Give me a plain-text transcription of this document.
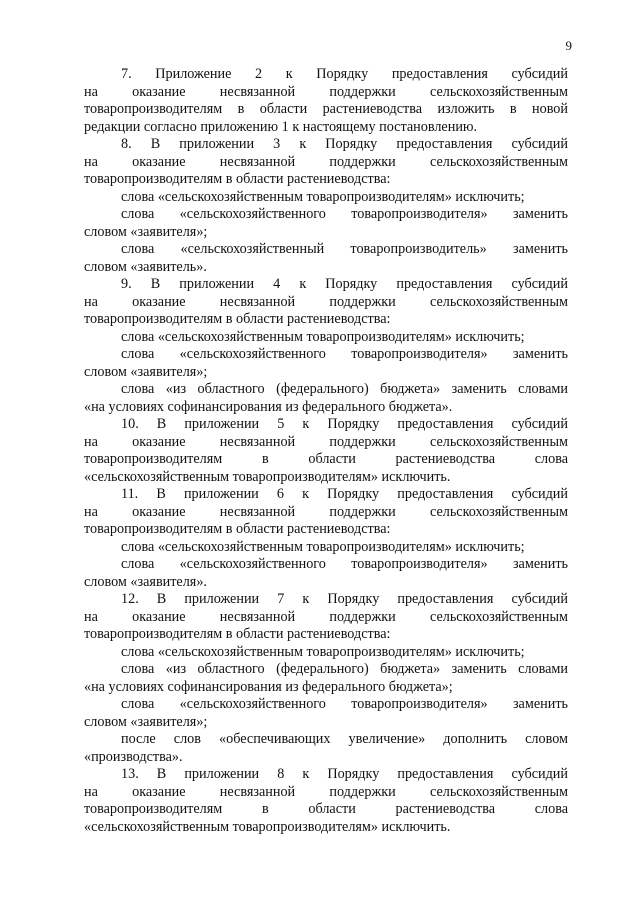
9
7. Приложение 2 к Порядку предоставления субсидий
на оказание несвязанной поддержки сельскохозяйственным
товаропроизводителям в области растениеводства изложить в новой
редакции согласно приложению 1 к настоящему постановлению.
8. В приложении 3 к Порядку предоставления субсидий
на оказание несвязанной поддержки сельскохозяйственным
товаропроизводителям в области растениеводства:
слова «сельскохозяйственным товаропроизводителям» исключить;
слова «сельскохозяйственного товаропроизводителя» заменить
словом «заявителя»;
слова «сельскохозяйственный товаропроизводитель» заменить
словом «заявитель».
9. В приложении 4 к Порядку предоставления субсидий
на оказание несвязанной поддержки сельскохозяйственным
товаропроизводителям в области растениеводства:
слова «сельскохозяйственным товаропроизводителям» исключить;
слова «сельскохозяйственного товаропроизводителя» заменить
словом «заявителя»;
слова «из областного (федерального) бюджета» заменить словами
«на условиях софинансирования из федерального бюджета».
10. В приложении 5 к Порядку предоставления субсидий
на оказание несвязанной поддержки сельскохозяйственным
товаропроизводителям в области растениеводства слова
«сельскохозяйственным товаропроизводителям» исключить.
11. В приложении 6 к Порядку предоставления субсидий
на оказание несвязанной поддержки сельскохозяйственным
товаропроизводителям в области растениеводства:
слова «сельскохозяйственным товаропроизводителям» исключить;
слова «сельскохозяйственного товаропроизводителя» заменить
словом «заявителя».
12. В приложении 7 к Порядку предоставления субсидий
на оказание несвязанной поддержки сельскохозяйственным
товаропроизводителям в области растениеводства:
слова «сельскохозяйственным товаропроизводителям» исключить;
слова «из областного (федерального) бюджета» заменить словами
«на условиях софинансирования из федерального бюджета»;
слова «сельскохозяйственного товаропроизводителя» заменить
словом «заявителя»;
после слов «обеспечивающих увеличение» дополнить словом
«производства».
13. В приложении 8 к Порядку предоставления субсидий
на оказание несвязанной поддержки сельскохозяйственным
товаропроизводителям в области растениеводства слова
«сельскохозяйственным товаропроизводителям» исключить.
